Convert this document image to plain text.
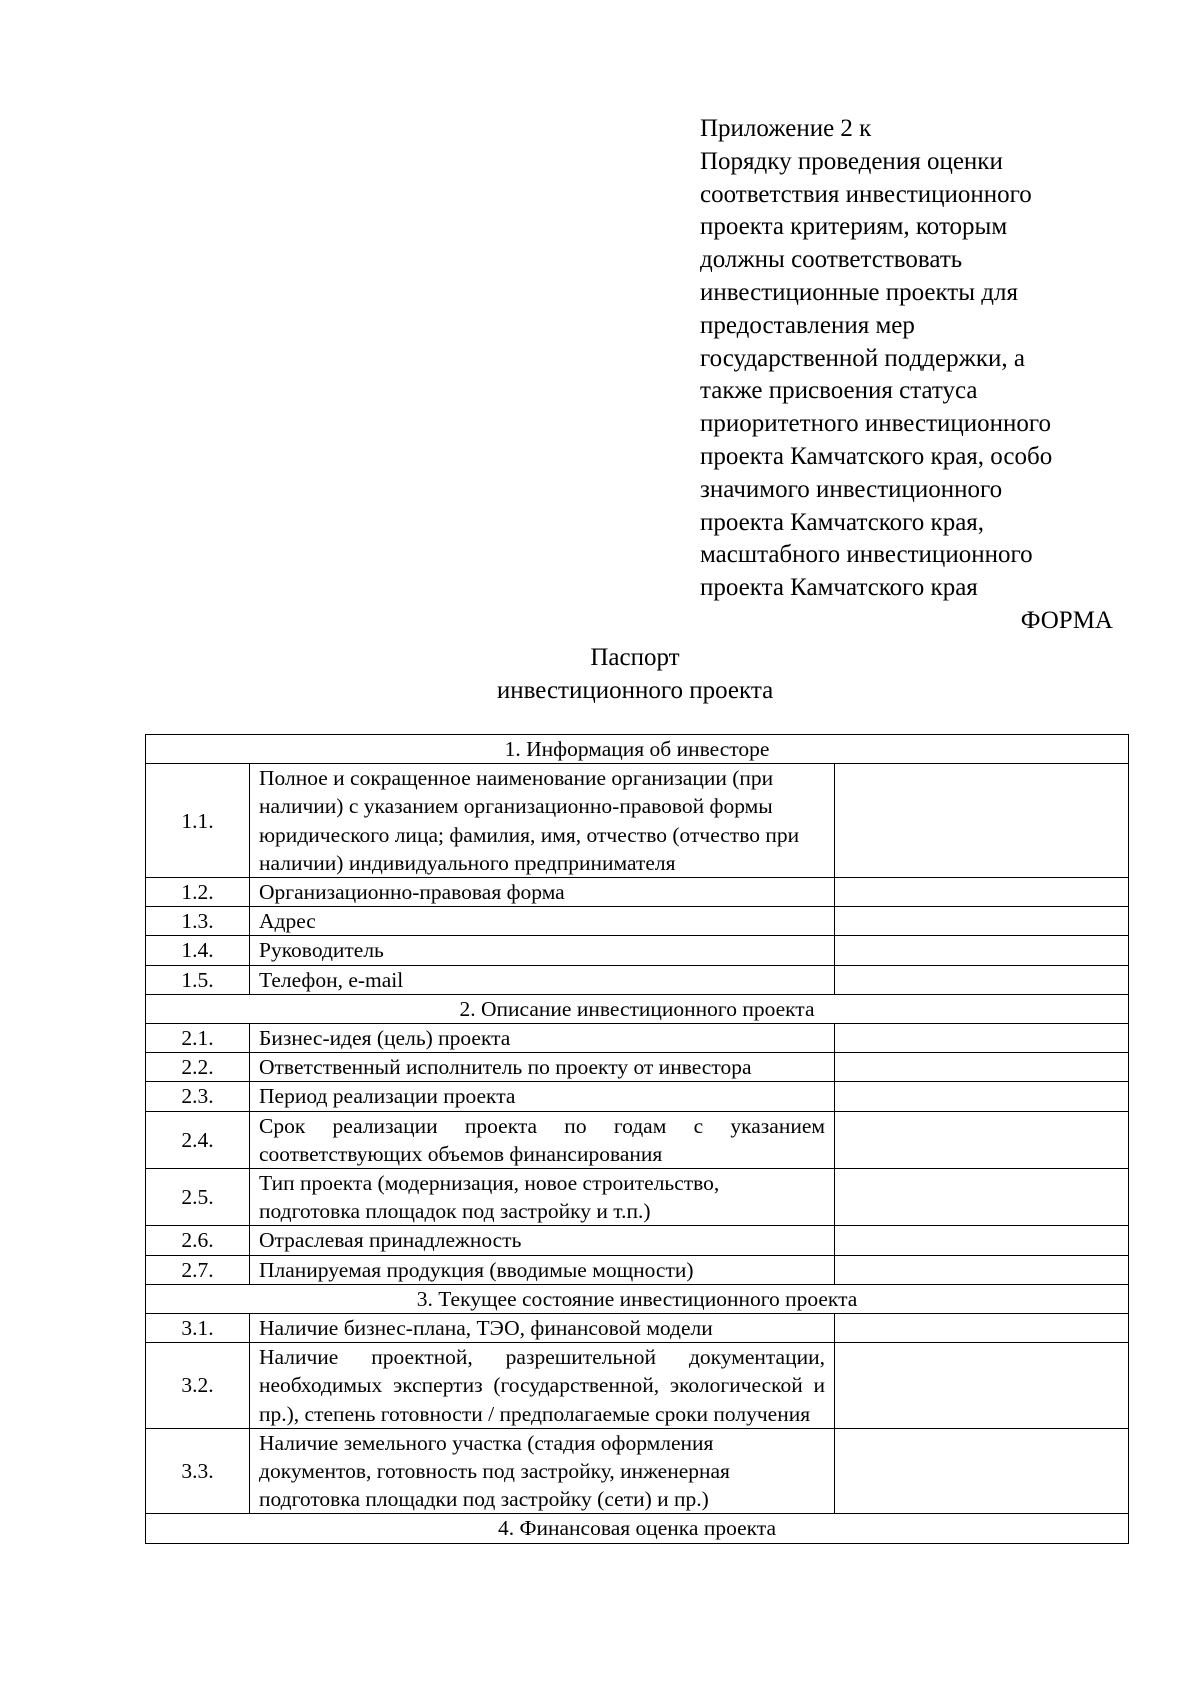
Приложение 2 к
Порядку проведения оценки
соответствия инвестиционного
проекта критериям, которым
должны соответствовать
инвестиционные проекты для
предоставления мер
государственной поддержки, а
также присвоения статуса
приоритетного инвестиционного
проекта Камчатского края, особо
значимого инвестиционного
проекта Камчатского края,
масштабного инвестиционного
проекта Камчатского края
ФОРМА
Паспорт
инвестиционного проекта
1. Информация об инвесторе		
1.1.	Полное и сокращенное наименование организации (при наличии) с указанием организационно-правовой формы юридического лица; фамилия, имя, отчество (отчество при наличии) индивидуального предпринимателя	
1.2.	Организационно-правовая форма	
1.3.	Адрес	
1.4.	Руководитель	
1.5.	Телефон, e-mail	
2. Описание инвестиционного проекта		
2.1.	Бизнес-идея (цель) проекта	
2.2.	Ответственный исполнитель по проекту от инвестора	
2.3.	Период реализации проекта	
2.4.	Срок реализации проекта по годам с указанием соответствующих объемов финансирования	
2.5.	Тип проекта (модернизация, новое строительство, подготовка площадок под застройку и т.п.)	
2.6.	Отраслевая принадлежность	
2.7.	Планируемая продукция (вводимые мощности)	
3. Текущее состояние инвестиционного проекта		
3.1.	Наличие бизнес-плана, ТЭО, финансовой модели	
3.2.	Наличие проектной, разрешительной документации, необходимых экспертиз (государственной, экологической и пр.), степень готовности / предполагаемые сроки получения	
3.3.	Наличие земельного участка (стадия оформления документов, готовность под застройку, инженерная подготовка площадки под застройку (сети) и пр.)	
4. Финансовая оценка проекта		
